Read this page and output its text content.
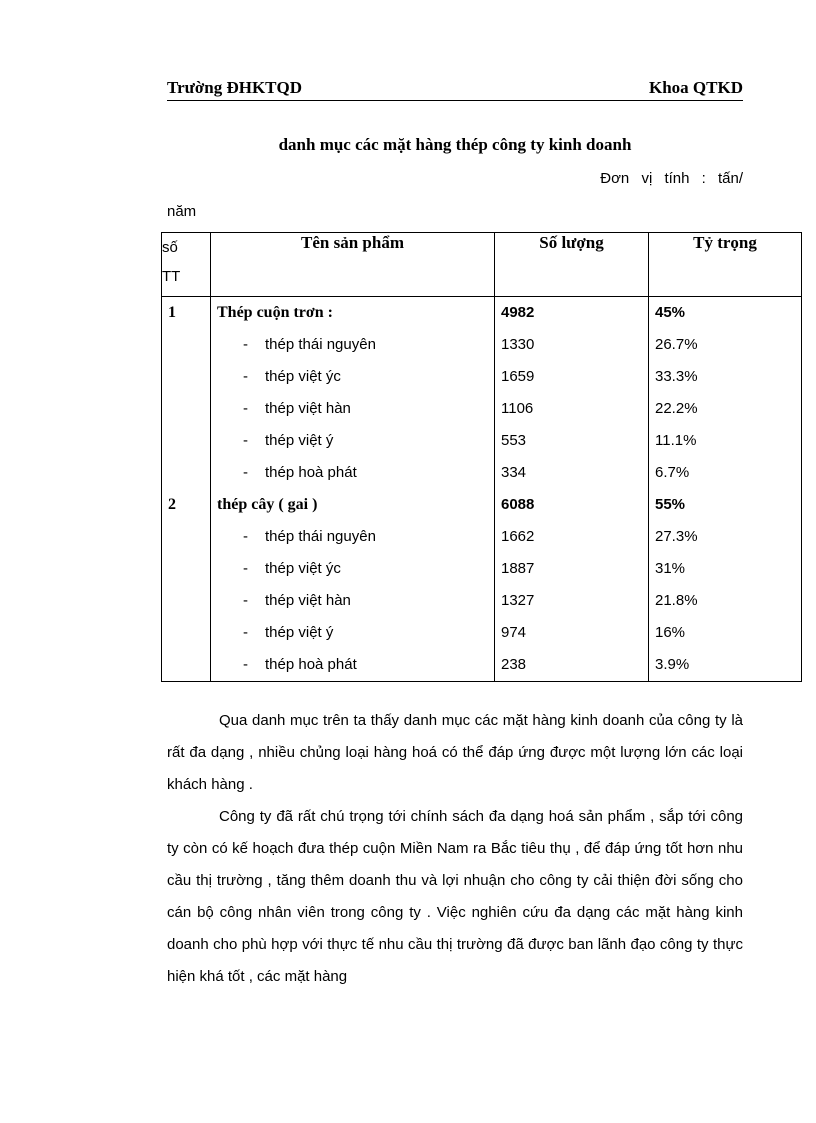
Trường ĐHKTQD	Khoa QTKD
danh mục các mặt hàng thép công ty kinh doanh
Đơn vị tính : tấn/
năm
số
TT	Tên sản phẩm	Số lượng	Tỷ trọng
1	Thép cuộn trơn :	4982	45%
	- thép thái nguyên	1330	26.7%
	- thép việt ýc	1659	33.3%
	- thép việt hàn	1106	22.2%
	- thép việt ý	553	11.1%
	- thép hoà phát	334	6.7%
2	thép cây ( gai )	6088	55%
	- thép thái nguyên	1662	27.3%
	- thép việt ýc	1887	31%
	- thép việt hàn	1327	21.8%
	- thép việt ý	974	16%
	- thép hoà phát	238	3.9%
Qua danh mục trên ta thấy danh mục các mặt hàng kinh doanh của công ty là rất đa dạng , nhiều chủng loại hàng hoá có thể đáp ứng được một lượng lớn các loại khách hàng .
Công ty đã rất chú trọng tới chính sách đa dạng hoá sản phẩm , sắp tới công ty còn có kế hoạch đưa thép cuộn Miền Nam ra Bắc tiêu thụ , để đáp ứng tốt hơn nhu cầu thị trường , tăng thêm doanh thu và lợi nhuận cho công ty cải thiện đời sống cho cán bộ công nhân viên trong công ty . Việc nghiên cứu đa dạng các mặt hàng kinh doanh cho phù hợp với thực tế nhu cầu thị trường đã được ban lãnh đạo công ty thực hiện khá tốt , các mặt hàng
